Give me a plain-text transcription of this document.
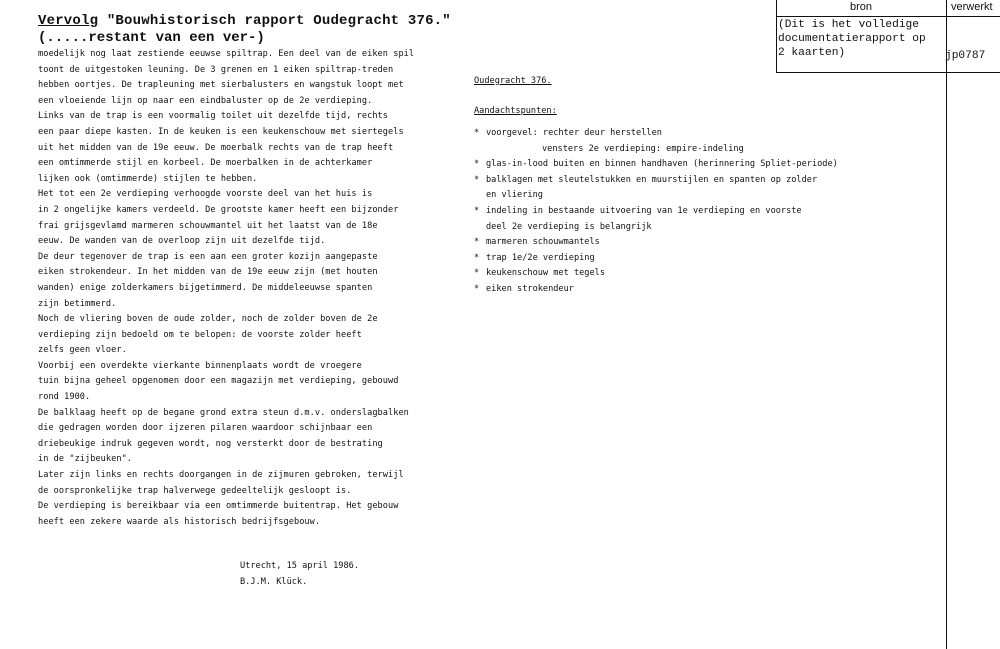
Vervolg "Bouwhistorisch rapport Oudegracht 376."
(.....restant van een ver-)
moedelijk nog laat zestiende eeuwse spiltrap. Een deel van de eiken spil
toont de uitgestoken leuning. De 3 grenen en 1 eiken spiltrap-treden
hebben oortjes. De trapleuning met sierbalusters en wangstuk loopt met
een vloeiende lijn op naar een eindbaluster op de 2e verdieping.
Links van de trap is een voormalig toilet uit dezelfde tijd, rechts
een paar diepe kasten. In de keuken is een keukenschouw met siertegels
uit het midden van de 19e eeuw. De moerbalk rechts van de trap heeft
een omtimmerde stijl en korbeel. De moerbalken in de achterkamer
lijken ook (omtimmerde) stijlen te hebben.
Het tot een 2e verdieping verhoogde voorste deel van het huis is
in 2 ongelijke kamers verdeeld. De grootste kamer heeft een bijzonder
frai grijsgevlamd marmeren schouwmantel uit het laatst van de 18e
eeuw. De wanden van de overloop zijn uit dezelfde tijd.
De deur tegenover de trap is een aan een groter kozijn aangepaste
eiken strokendeur. In het midden van de 19e eeuw zijn (met houten
wanden) enige zolderkamers bijgetimmerd. De middeleeuwse spanten
zijn betimmerd.
Noch de vliering boven de oude zolder, noch de zolder boven de 2e
verdieping zijn bedoeld om te belopen: de voorste zolder heeft
zelfs geen vloer.
Voorbij een overdekte vierkante binnenplaats wordt de vroegere
tuin bijna geheel opgenomen door een magazijn met verdieping, gebouwd
rond 1900.
De balklaag heeft op de begane grond extra steun d.m.v. onderslagbalken
die gedragen worden door ijzeren pilaren waardoor schijnbaar een
driebeukige indruk gegeven wordt, nog versterkt door de bestrating
in de "zijbeuken".
Later zijn links en rechts doorgangen in de zijmuren gebroken, terwijl
de oorspronkelijke trap halverwege gedeeltelijk gesloopt is.
De verdieping is bereikbaar via een omtimmerde buitentrap. Het gebouw
heeft een zekere waarde als historisch bedrijfsgebouw.
Utrecht, 15 april 1986.
B.J.M. Klück.
Oudegracht 376.
Aandachtspunten:
* voorgevel: rechter deur herstellen
vensters 2e verdieping: empire-indeling
* glas-in-lood buiten en binnen handhaven (herinnering Spliet-periode)
* balklagen met sleutelstukken en muurstijlen en spanten op zolder
en vliering
* indeling in bestaande uitvoering van 1e verdieping en voorste
deel 2e verdieping is belangrijk
* marmeren schouwmantels
* trap 1e/2e verdieping
* keukenschouw met tegels
* eiken strokendeur
bron	verwerkt
(Dit is het volledige
documentatierapport op
2 kaarten)	jp0787
